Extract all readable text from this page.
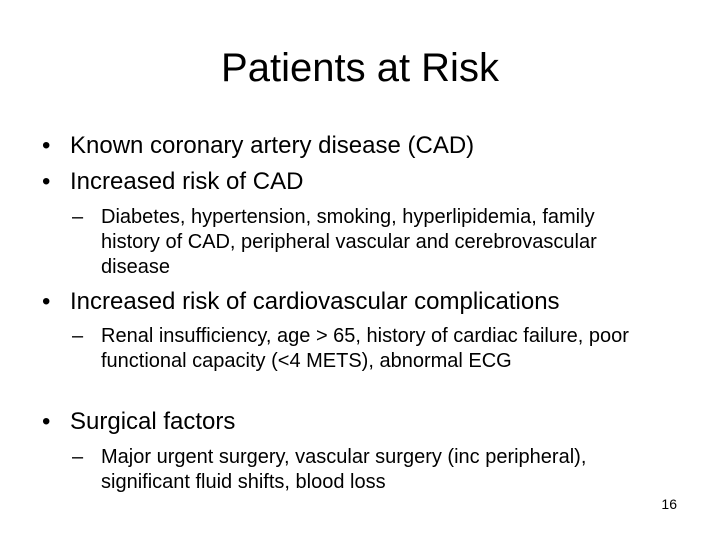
Patients at Risk
• Known coronary artery disease (CAD)
• Increased risk of CAD
– Diabetes, hypertension, smoking, hyperlipidemia, family history of CAD, peripheral vascular and cerebrovascular disease
• Increased risk of cardiovascular complications
– Renal insufficiency, age > 65, history of cardiac failure, poor functional capacity (<4 METS), abnormal ECG
• Surgical factors
– Major urgent surgery, vascular surgery (inc peripheral), significant fluid shifts, blood loss
16
